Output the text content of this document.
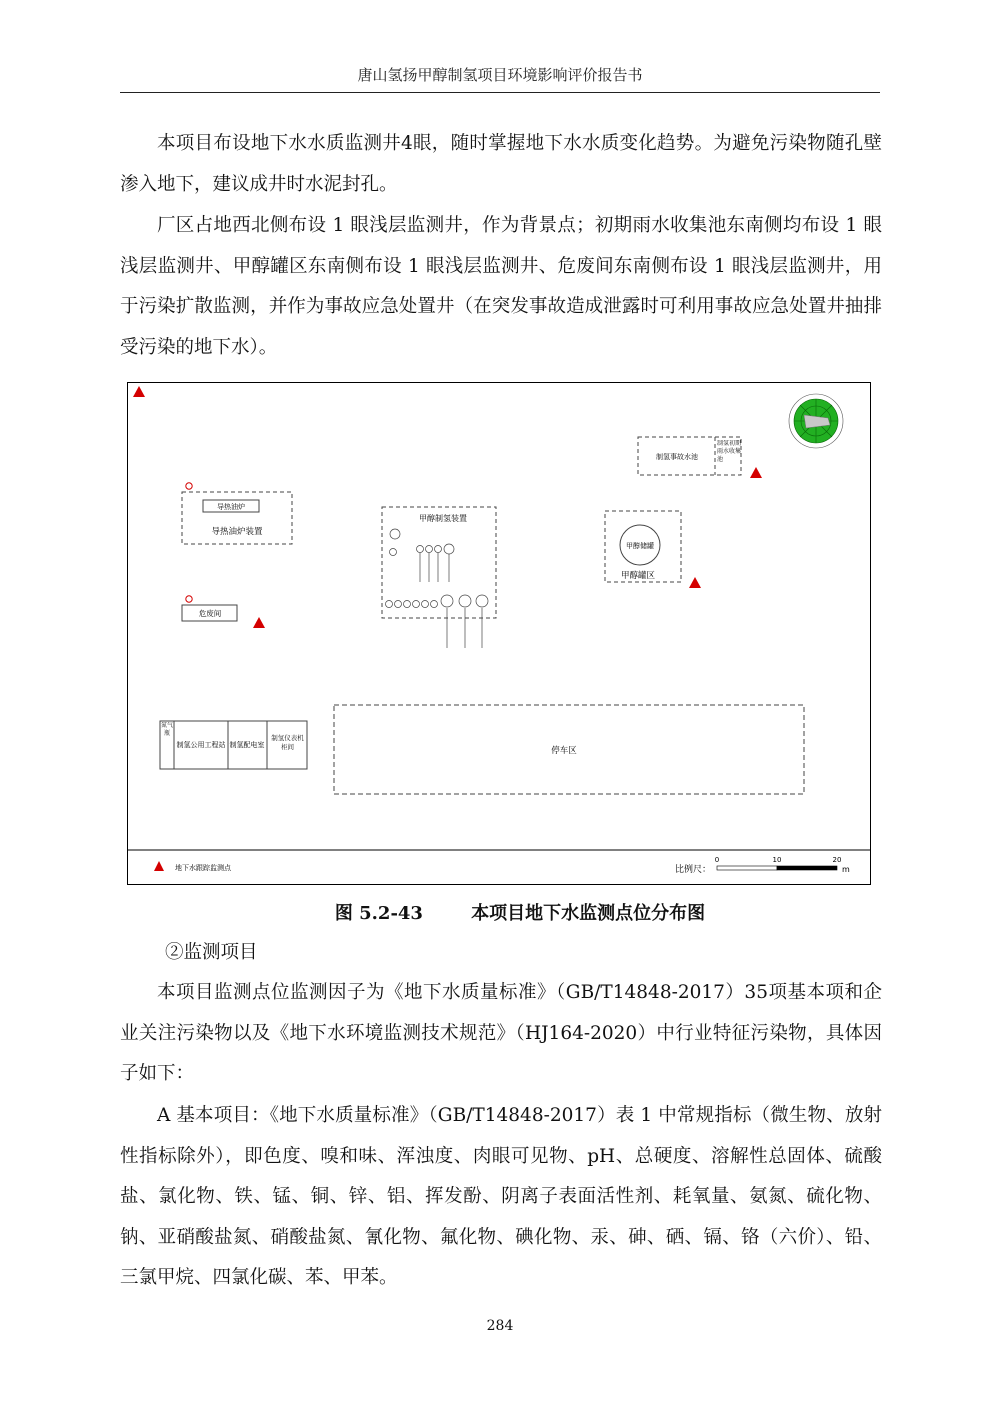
唐山氢扬甲醇制氢项目环境影响评价报告书

本项目布设地下水水质监测井4眼，随时掌握地下水水质变化趋势。为避免污染物随孔壁渗入地下，建议成井时水泥封孔。

厂区占地西北侧布设 1 眼浅层监测井，作为背景点；初期雨水收集池东南侧均布设 1 眼浅层监测井、甲醇罐区东南侧布设 1 眼浅层监测井、危废间东南侧布设 1 眼浅层监测井，用于污染扩散监测，并作为事故应急处置井（在突发事故造成泄露时可利用事故应急处置井抽排受污染的地下水）。

制氢事故水池
制氢初期雨水收集池
导热油炉
导热油炉装置
甲醇制氢装置
甲醇储罐
甲醇罐区
危废间
氮气瓶
制氢公用工程站 制氢配电室
制氢仪表机柜间	停车区
地下水跟踪监测点	比例尺：
0	10	20
m
图 5.2-43	本项目地下水监测点位分布图
②监测项目

本项目监测点位监测因子为《地下水质量标准》（GB/T14848-2017）35项基本项和企业关注污染物以及《地下水环境监测技术规范》（HJ164-2020）中行业特征污染物，具体因子如下：

A 基本项目：《地下水质量标准》（GB/T14848-2017）表 1 中常规指标（微生物、放射性指标除外），即色度、嗅和味、浑浊度、肉眼可见物、pH、总硬度、溶解性总固体、硫酸盐、氯化物、铁、锰、铜、锌、铝、挥发酚、阴离子表面活性剂、耗氧量、氨氮、硫化物、钠、亚硝酸盐氮、硝酸盐氮、氰化物、氟化物、碘化物、汞、砷、硒、镉、铬（六价）、铅、三氯甲烷、四氯化碳、苯、甲苯。

284
